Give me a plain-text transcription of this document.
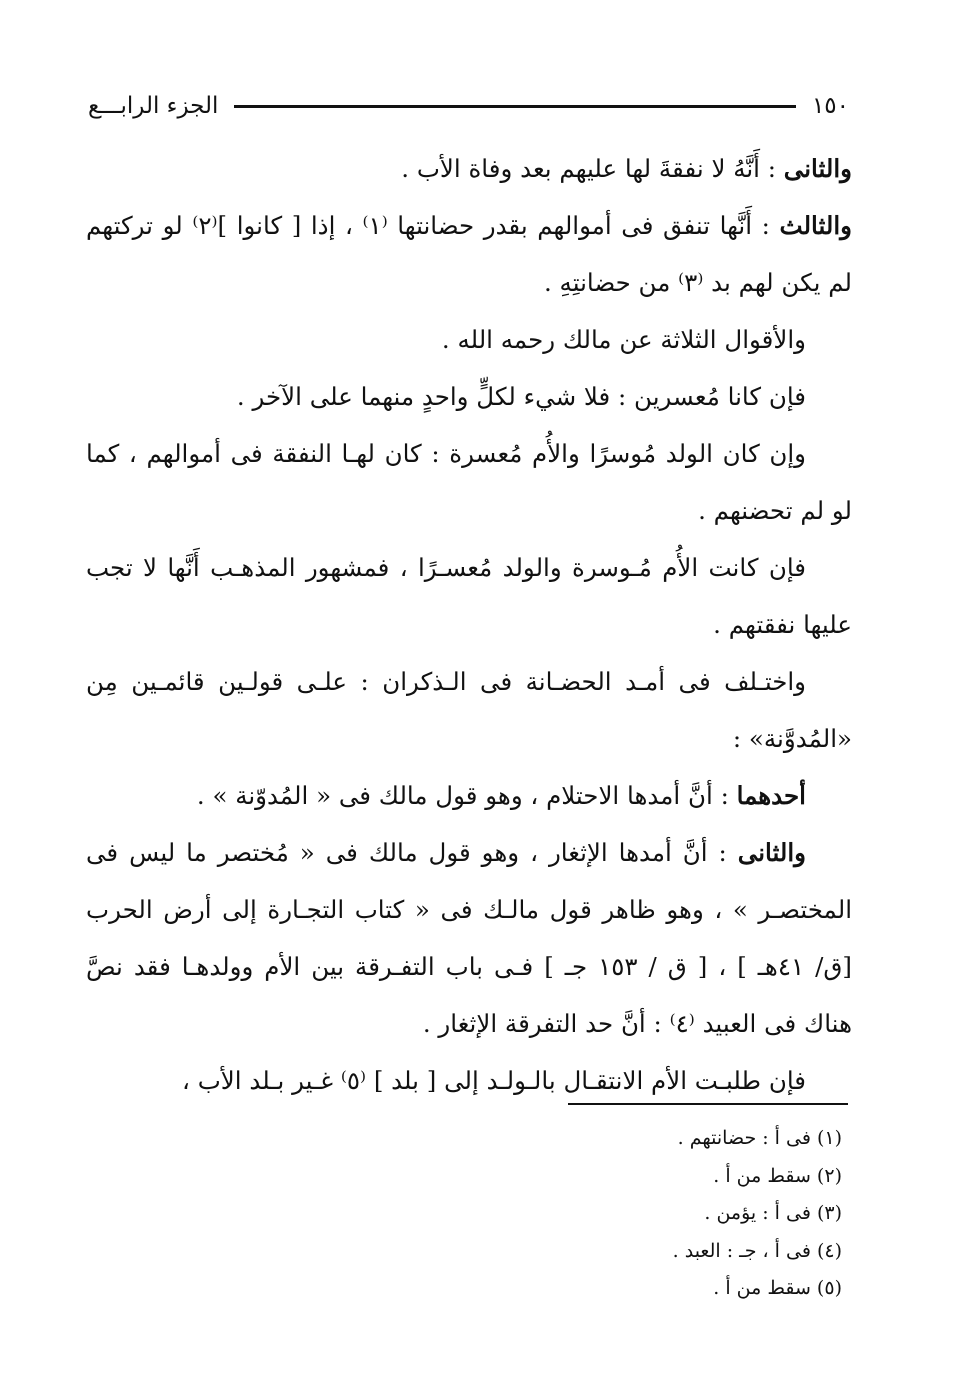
١٥٠
الجزء الرابـــع

والثانى : أَنَّهُ لا نفقةَ لها عليهم بعد وفاة الأب .

والثالث : أَنَّها تنفق فى أموالهم بقدر حضانتها ⁽١⁾ ، إذا [ كانوا ]⁽٢⁾ لو تركتهم لم يكن لهم بد ⁽٣⁾ من حضانتِهِ .

والأقوال الثلاثة عن مالك رحمه الله .

فإن كانا مُعسرين : فلا شيء لكلٍّ واحدٍ منهما على الآخر .

وإن كان الولد مُوسرًا والأُم مُعسرة : كان لهـا النفقة فى أموالهم ، كما لو لم تحضنهم .

فإن كانت الأُم مُـوسرة والولد مُعسـرًا ، فمشهور المذهـب أَنَّها لا تجب عليها نفقتهم .

واختـلف فى أمـد الحضـانة فى الـذكران : علـى قولـين قائمـين مِن «المُدوَّنة» :

أحدهما : أنَّ أمدها الاحتلام ، وهو قول مالك فى « المُدوّنة » .

والثانى : أنَّ أمدها الإثغار ، وهو قول مالك فى « مُختصر ما ليس فى المختصـر » ، وهو ظاهر قول مالـك فى « كتاب التجـارة إلى أرض الحرب [ق/ ٤١هـ ] ، [ ق / ١٥٣ جـ ] فـى باب التفـرقة بين الأم وولدهـا فقد نصَّ هناك فى العبيد ⁽٤⁾ : أنَّ حد التفرقة الإثغار .

فإن طلبـت الأم الانتقـال بالـولـد إلى [ بلد ] ⁽٥⁾ غـير بـلد الأب ،

(١) فى أ : حضانتهم .
(٢) سقط من أ .
(٣) فى أ : يؤمن .
(٤) فى أ ، جـ : العبد .
(٥) سقط من أ .
